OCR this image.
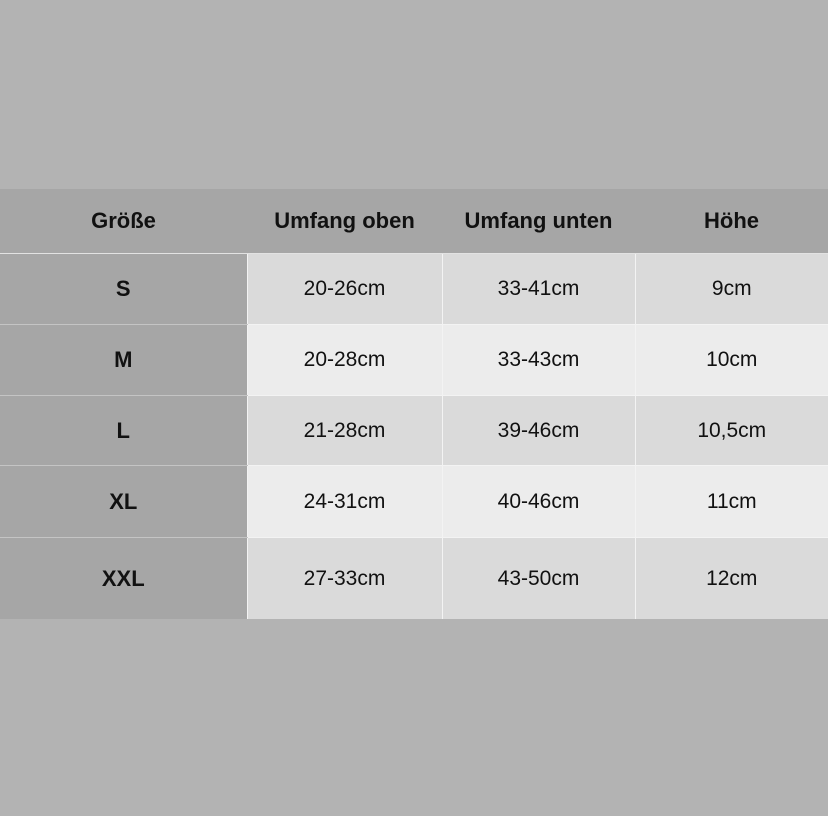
Größe	Umfang oben	Umfang unten	Höhe
S	20-26cm	33-41cm	9cm
M	20-28cm	33-43cm	10cm
L	21-28cm	39-46cm	10,5cm
XL	24-31cm	40-46cm	11cm
XXL	27-33cm	43-50cm	12cm
